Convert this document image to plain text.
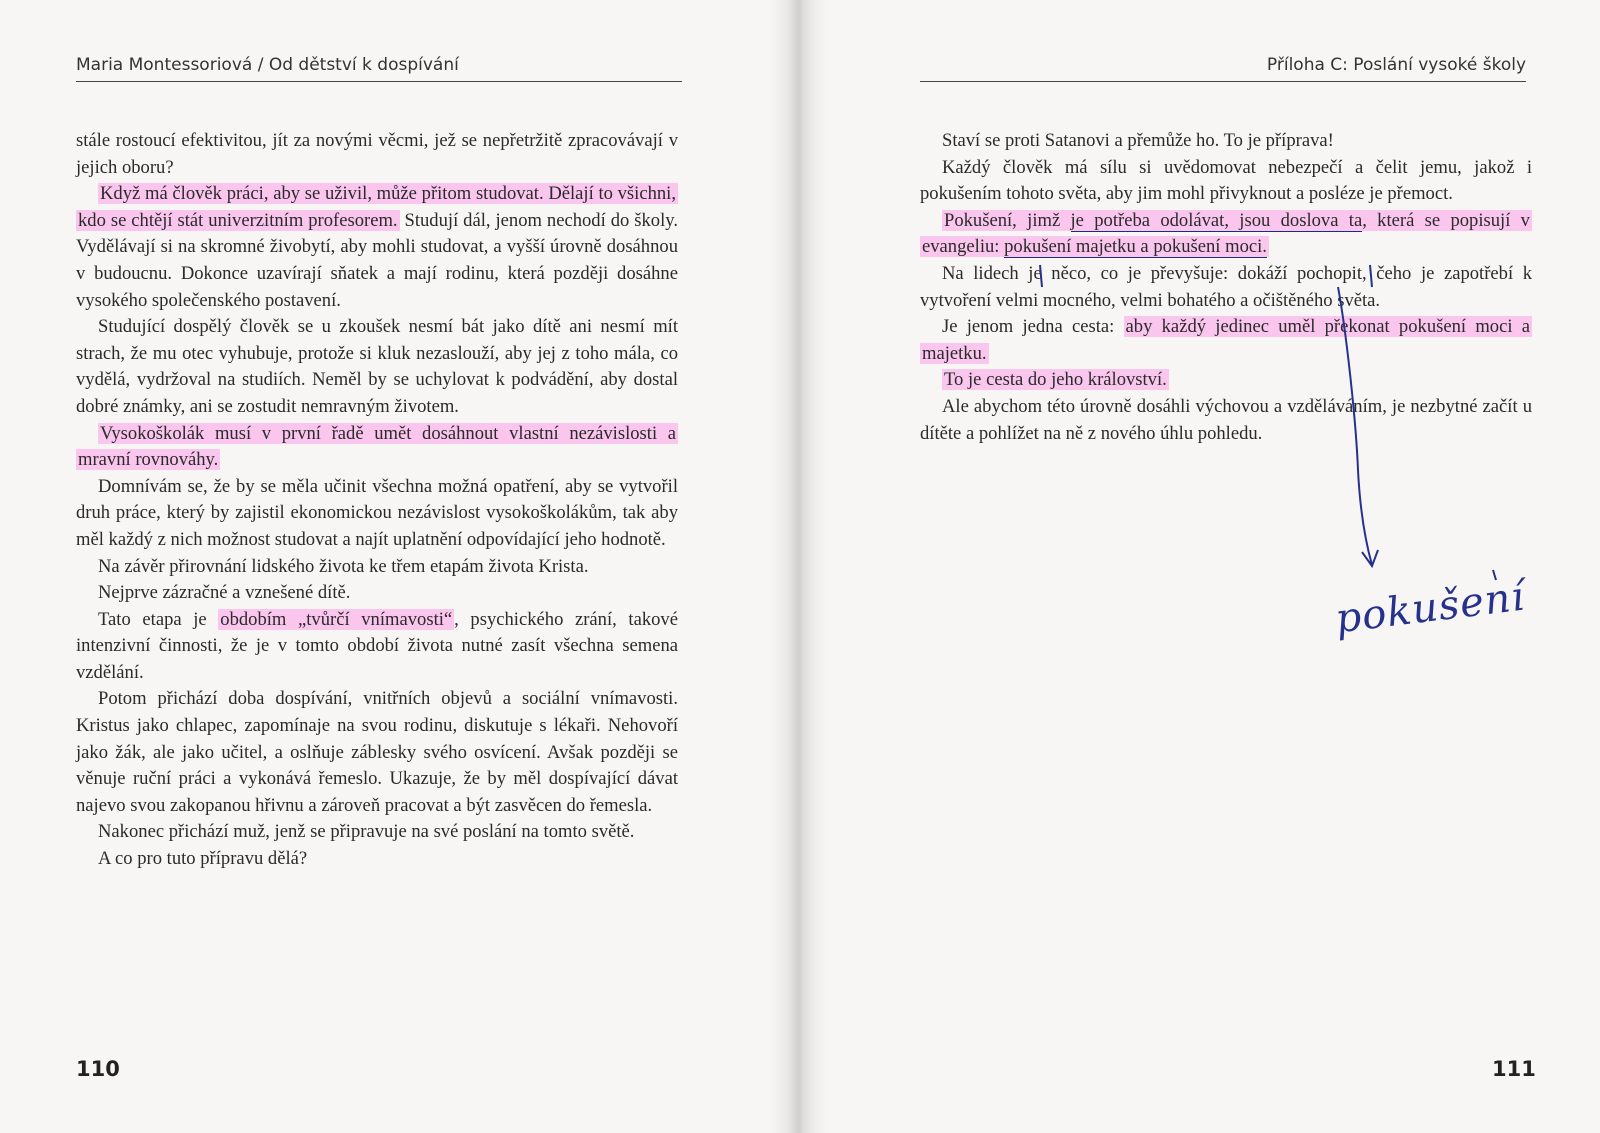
Maria Montessoriová / Od dětství k dospívání

stále rostoucí efektivitou, jít za novými věcmi, jež se nepřetržitě zpracovávají v jejich oboru?

Když má člověk práci, aby se uživil, může přitom studovat. Dělají to všichni, kdo se chtějí stát univerzitním profesorem. Studují dál, jenom nechodí do školy. Vydělávají si na skromné živobytí, aby mohli studovat, a vyšší úrovně dosáhnou v budoucnu. Dokonce uzavírají sňatek a mají rodinu, která později dosáhne vysokého společenského postavení.

Studující dospělý člověk se u zkoušek nesmí bát jako dítě ani nesmí mít strach, že mu otec vyhubuje, protože si kluk nezaslouží, aby jej z toho mála, co vydělá, vydržoval na studiích. Neměl by se uchylovat k podvádění, aby dostal dobré známky, ani se zostudit nemravným životem.

Vysokoškolák musí v první řadě umět dosáhnout vlastní nezávislosti a mravní rovnováhy.

Domnívám se, že by se měla učinit všechna možná opatření, aby se vytvořil druh práce, který by zajistil ekonomickou nezávislost vysokoškolákům, tak aby měl každý z nich možnost studovat a najít uplatnění odpovídající jeho hodnotě.

Na závěr přirovnání lidského života ke třem etapám života Krista.

Nejprve zázračné a vznešené dítě.

Tato etapa je obdobím „tvůrčí vnímavosti“ , psychického zrání, takové intenzivní činnosti, že je v tomto období života nutné zasít všechna semena vzdělání.

Potom přichází doba dospívání, vnitřních objevů a sociální vnímavosti. Kristus jako chlapec, zapomínaje na svou rodinu, diskutuje s lékaři. Nehovoří jako žák, ale jako učitel, a oslňuje záblesky svého osvícení. Avšak později se věnuje ruční práci a vykonává řemeslo. Ukazuje, že by měl dospívající dávat najevo svou zakopanou hřivnu a zároveň pracovat a být zasvěcen do řemesla.

Nakonec přichází muž, jenž se připravuje na své poslání na tomto světě.

A co pro tuto přípravu dělá?

110
Příloha C: Poslání vysoké školy

Staví se proti Satanovi a přemůže ho. To je příprava!

Každý člověk má sílu si uvědomovat nebezpečí a čelit jemu, jakož i pokušením tohoto světa, aby jim mohl přivyknout a posléze je přemoct.

Pokušení, jimž je potřeba odolávat, jsou doslova ta, která se popisují v evangeliu: pokušení majetku a pokušení moci.

Na lidech je něco, co je převyšuje: dokáží pochopit, čeho je zapotřebí k vytvoření velmi mocného, velmi bohatého a očištěného světa.

Je jenom jedna cesta: aby každý jedinec uměl překonat pokušení moci a majetku.

To je cesta do jeho království.

Ale abychom této úrovně dosáhli výchovou a vzděláváním, je nezbytné začít u dítěte a pohlížet na ně z nového úhlu pohledu.

pokušení
111
